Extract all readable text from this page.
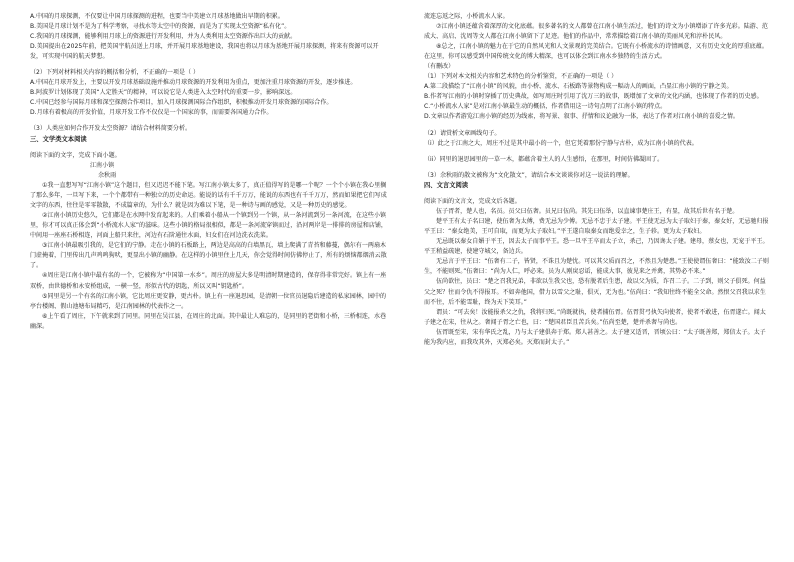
A.中国的月球探测，不仅要让中国月球探测的进程，也要当中美建立月球基地做出早期的积累。

B.美国是月球计划不是为了科学考察，寻找水等太空中的资源，而是为了实现太空资源“私有化”。

C.我国的月球探测，能够利用月球上的资源进行开发利用，并为人类利用太空资源作出巨大的贡献。

D.美国提出在2025年前，把美国宇航员送上月球，并开展月球基地建设，我国也将以月球为基地开展月球探测，将来有资源可以开发，可实现中国的航天梦想。

（2）下列对材料相关内容的概括和分析，不正确的一项是（ ）

A.中国在月球开发上，主要以开发月球基础设施并推动月球资源的开发利用为重点，更加注重月球资源的开发，逐步推进。

B.阿波罗计划体现了美国“人定胜天”的精神，可以说它是人类进入太空时代的重要一步，影响深远。

C.中国已经参与国际月球和深空探测合作项目，加入月球探测国际合作组织，积极推动开发月球资源的国际合作。

D.月球有着极高的开发价值，月球开发工作不仅仅是一个国家的事，而需要各国通力合作。

（3）人类应如何合作开发太空资源？请结合材料简要分析。

三、文学类文本阅读

阅读下面的文字，完成下面小题。

江南小镇

余秋雨

①我一直想写写“江南小镇”这个题目，但又迟迟不能下笔。写江南小镇太多了，真正值得写的是哪一个呢？一个个小镇在我心里搁了那么多年，一旦写下来，一个个都带有一种独立的历史命运。能说的话有千千万万，能说的东西也有千千万万，然而如果把它们写成文字的东西，往往是零零散散，不成篇章的，为什么？就是因为难以下笔，是一种诗与画的感觉，又是一种历史的感觉。

②江南小镇历史悠久，它们都是在水网中发育起来的。人们乘着小船从一个镇到另一个镇，从一条河流到另一条河流，在这些小镇里，你才可以真正体会到“小桥流水人家”的滋味。这些小镇的格局很相似，都是一条河流穿镇而过，沿河两岸是一排排的房屋和店铺，中间用一座座石桥相连，河面上船只来往，河边有石阶通往水面，妇女们在河边洗衣洗菜。

③江南小镇最吸引我的，是它们的宁静。走在小镇的石板路上，两边是高高的白墙黑瓦，墙上爬满了青苔和藤蔓，偶尔有一两扇木门虚掩着，门里传出几声鸡鸣狗吠，更显出小镇的幽静。在这样的小镇里住上几天，你会觉得时间仿佛停止了，所有的烦恼都烟消云散了。

④周庄是江南小镇中最有名的一个，它被称为“中国第一水乡”。周庄的房屋大多是明清时期建造的，保存得非常完好。镇上有一座双桥，由世德桥和永安桥组成，一横一竖，形似古代的钥匙，所以又叫“钥匙桥”。

⑤同里是另一个有名的江南小镇，它比周庄更安静，更古朴。镇上有一座退思园，是清朝一位官员退隐后建造的私家园林，园中的亭台楼阁、假山池塘布局精巧，是江南园林的代表作之一。

⑥上午看了周庄，下午就来到了同里。同里在吴江县，在周庄的北面。其中最让人难忘的，是同里的老街和小桥，三桥相连，水巷幽深。

流连忘返之际，小桥流水人家。

⑦江南小镇还蕴含着深厚的文化底蕴。很多著名的文人都曾在江南小镇生活过，他们的诗文为小镇增添了许多光彩。陆游、范成大、高启、沈周等文人都在江南小镇留下了足迹。他们的作品中，常常描绘着江南小镇的美丽风光和淳朴民风。

⑧总之，江南小镇的魅力在于它的自然风光和人文景观的完美结合。它既有小桥流水的诗情画意，又有历史文化的厚重底蕴。在这里，你可以感受到中国传统文化的博大精深，也可以体会到江南水乡独特的生活方式。

（有删改）

（1）下列对本文相关内容和艺术特色的分析鉴赏，不正确的一项是（ ）

A.第二段描绘了“江南小镇”的风貌，由小桥、流水、石板路等景物构成一幅动人的画面，凸显江南小镇的宁静之美。

B.作者写江南的小镇时穿插了历史典故，如写周庄时引用了沈万三的故事，既增加了文章的文化内涵，也体现了作者的历史感。

C.“小桥流水人家”是对江南小镇最生动的概括，作者借用这一诗句点明了江南小镇的特点。

D.文章以作者游览江南小镇的经历为线索，将写景、叙事、抒情和议论融为一体，表达了作者对江南小镇的喜爱之情。

（2）请赏析文章画线句子。

（i）此之于江南之大，周庄不过是其中最小的一个，但它凭着那份宁静与古朴，成为江南小镇的代表。

（ii）同里的退思园里的一草一木，都蕴含着主人的人生感悟，在那里，时间仿佛凝固了。

（3）余秋雨的散文被称为“文化散文”，请结合本文谈谈你对这一说法的理解。

四、文言文阅读

阅读下面的文言文，完成文后各题。

伍子胥者，楚人也，名员。员父曰伍奢。员兄曰伍尚。其先曰伍举，以直谏事楚庄王，有显，故其后世有名于楚。

楚平王有太子名曰建，使伍奢为太傅，费无忌为少傅。无忌不忠于太子建。平王使无忌为太子取妇于秦，秦女好，无忌驰归报平王曰：“秦女绝美，王可自取，而更为太子取妇。”平王遂自取秦女而绝爱幸之，生子轸。更为太子取妇。

无忌既以秦女自媚于平王，因去太子而事平王。恐一旦平王卒而太子立，杀己，乃因谗太子建。建母，蔡女也，无宠于平王。平王稍益疏建，使建守城父，备边兵。

无忌言于平王曰：“伍奢有二子，皆贤，不诛且为楚忧。可以其父质而召之，不然且为楚患。”王使使谓伍奢曰：“能致汝二子则生，不能则死。”伍奢曰：“尚为人仁，呼必来。员为人刚戾忍诟，能成大事，彼见来之并禽，其势必不来。”

伍尚欲往，员曰：“楚之召我兄弟，非欲以生我父也，恐有脱者后生患，故以父为质，诈召二子。二子到，则父子俱死。何益父之死？往而令仇不得报耳。不如奔他国，借力以雪父之耻，俱灭，无为也。”伍尚曰：“我知往终不能全父命。然恨父召我以求生而不往，后不能雪耻，终为天下笑耳。”

谓员：“可去矣！汝能报杀父之仇，我将归死。”尚既就执，使者捕伍胥。伍胥贯弓执矢向使者，使者不敢进，伍胥遂亡。闻太子建之在宋，往从之。奢闻子胥之亡也，曰：“楚国君臣且苦兵矣。”伍尚至楚，楚并杀奢与尚也。

伍胥既至宋，宋有华氏之乱，乃与太子建俱奔于郑。郑人甚善之。太子建又适晋，晋顷公曰：“太子既善郑，郑信太子。太子能为我内应，而我攻其外，灭郑必矣。灭郑而封太子。”
